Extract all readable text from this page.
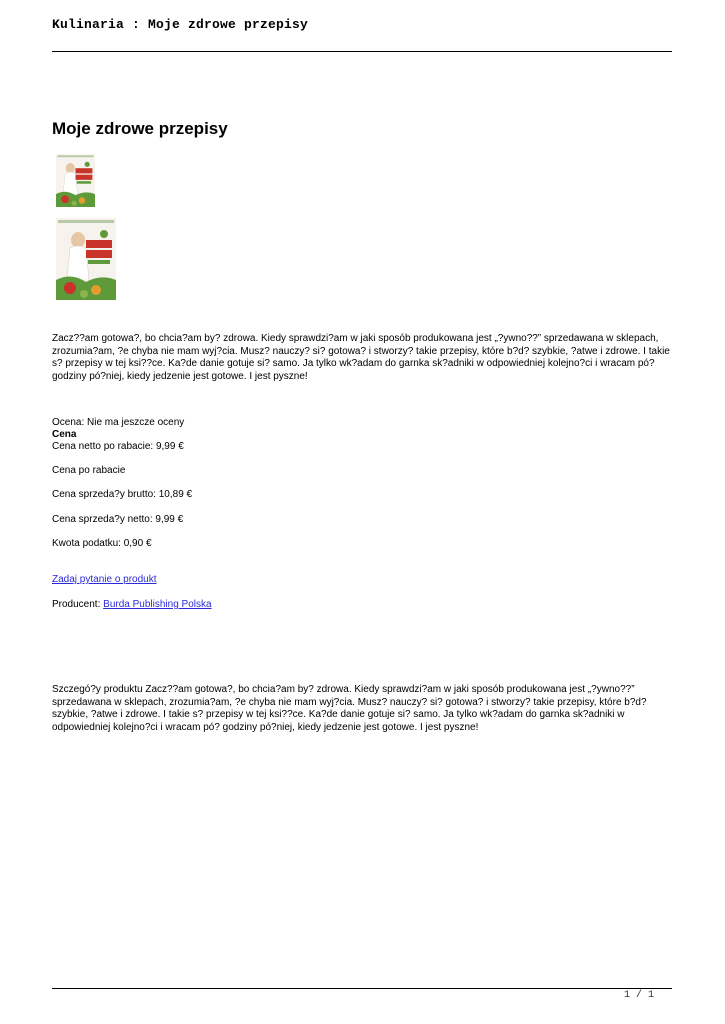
Kulinaria : Moje zdrowe przepisy
Moje zdrowe przepisy
Zacz??am gotowa?, bo chcia?am by? zdrowa. Kiedy sprawdzi?am w jaki sposób produkowana jest „?ywno??” sprzedawana w sklepach, zrozumia?am, ?e chyba nie mam wyj?cia. Musz? nauczy? si? gotowa? i stworzy? takie przepisy, które b?d? szybkie, ?atwe i zdrowe. I takie s? przepisy w tej ksi??ce. Ka?de danie gotuje si? samo. Ja tylko wk?adam do garnka sk?adniki w odpowiedniej kolejno?ci i wracam pó? godziny pó?niej, kiedy jedzenie jest gotowe. I jest pyszne!
Ocena: Nie ma jeszcze oceny
Cena
Cena netto po rabacie: 9,99 €
Cena po rabacie
Cena sprzeda?y brutto: 10,89 €
Cena sprzeda?y netto: 9,99 €
Kwota podatku: 0,90 €
Zadaj pytanie o produkt
Producent: Burda Publishing Polska
Szczegó?y produktu Zacz??am gotowa?, bo chcia?am by? zdrowa. Kiedy sprawdzi?am w jaki sposób produkowana jest „?ywno??” sprzedawana w sklepach, zrozumia?am, ?e chyba nie mam wyj?cia. Musz? nauczy? si? gotowa? i stworzy? takie przepisy, które b?d? szybkie, ?atwe i zdrowe. I takie s? przepisy w tej ksi??ce. Ka?de danie gotuje si? samo. Ja tylko wk?adam do garnka sk?adniki w odpowiedniej kolejno?ci i wracam pó? godziny pó?niej, kiedy jedzenie jest gotowe. I jest pyszne!
1 / 1
